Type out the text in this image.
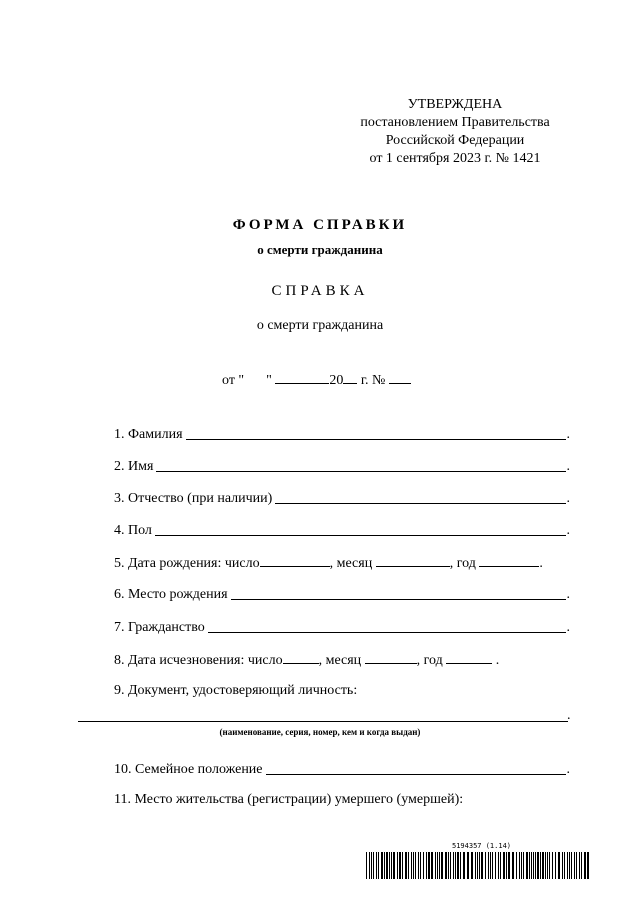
УТВЕРЖДЕНА
постановлением Правительства
Российской Федерации
от 1 сентября 2023 г. № 1421
ФОРМА СПРАВКИ
о смерти гражданина
СПРАВКА
о смерти гражданина
от " "	20 г. №
1. Фамилия	.
2. Имя	.
3. Отчество (при наличии)	.
4. Пол	.
5. Дата рождения: число	, месяц	, год	.
6. Место рождения	.
7. Гражданство	.
8. Дата исчезновения: число	, месяц	, год	.
9. Документ, удостоверяющий личность:
.
(наименование, серия, номер, кем и когда выдан)
10. Семейное положение	.
11. Место жительства (регистрации) умершего (умершей):
5194357 (1.14)
